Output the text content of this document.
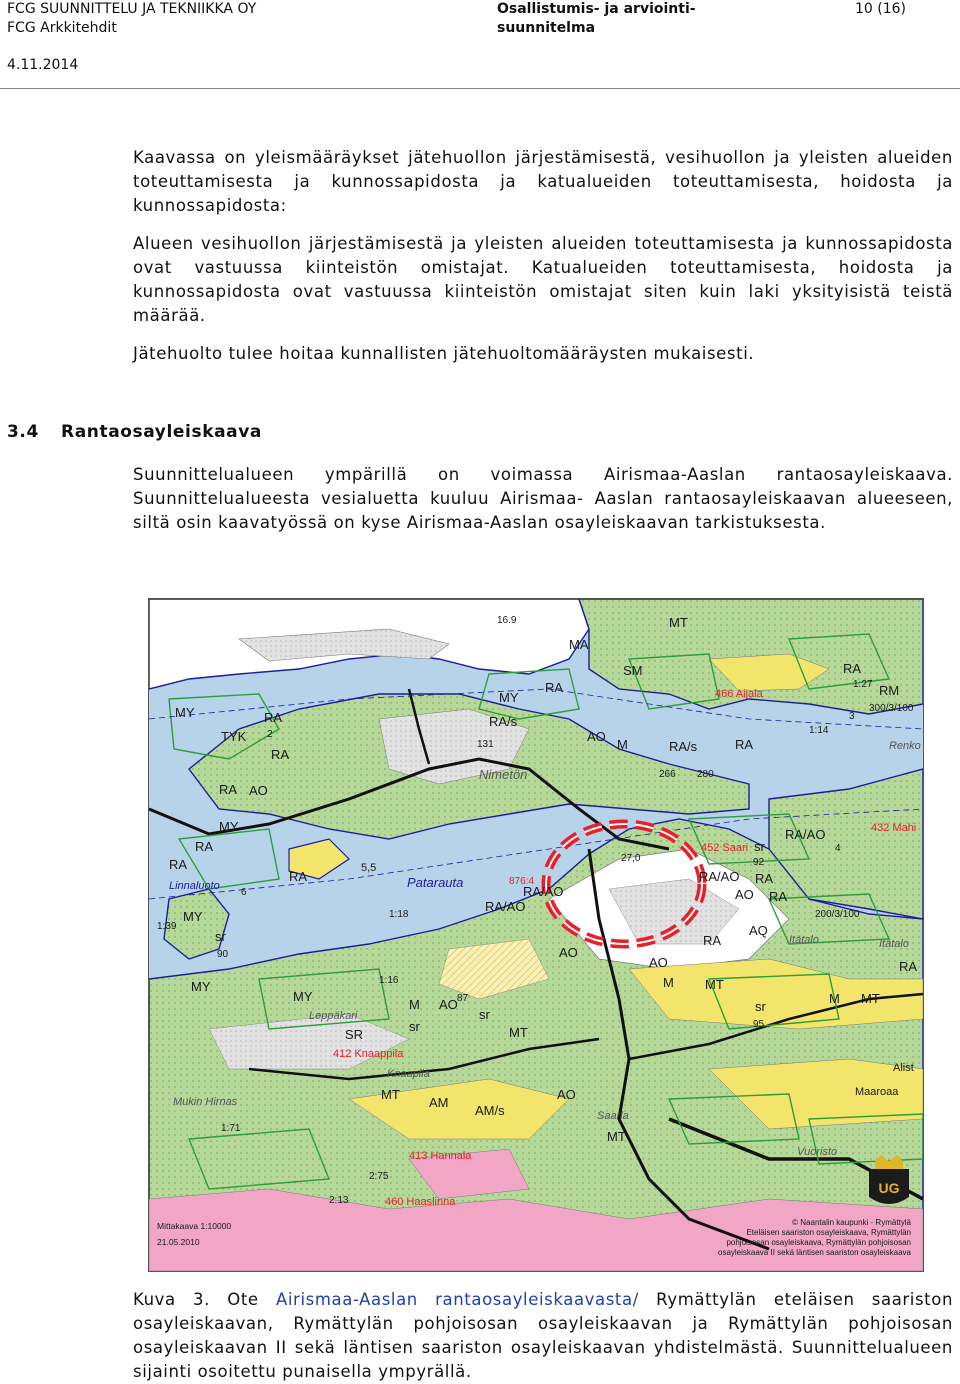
FCG SUUNNITTELU JA TEKNIIKKA OY
FCG Arkkitehdit
Osallistumis- ja arviointi-
suunnitelma
10 (16)
4.11.2014

Kaavassa on yleismääräykset jätehuollon järjestämisestä, vesihuollon ja yleisten alueiden toteuttamisesta ja kunnossapidosta ja katualueiden toteuttamisesta, hoidosta ja kunnossapidosta:

Alueen vesihuollon järjestämisestä ja yleisten alueiden toteuttamisesta ja kunnossapidosta ovat vastuussa kiinteistön omistajat. Katualueiden toteuttamisesta, hoidosta ja kunnossapidosta ovat vastuussa kiinteistön omistajat siten kuin laki yksityisistä teistä määrää.

Jätehuolto tulee hoitaa kunnallisten jätehuoltomääräysten mukaisesti.

3.4 Rantaosayleiskaava

Suunnittelualueen ympärillä on voimassa Airismaa-Aaslan rantaosayleiskaava. Suunnittelualueesta vesialuetta kuuluu Airismaa- Aaslan rantaosayleiskaavan alueeseen, siltä osin kaavatyössä on kyse Airismaa-Aaslan osayleiskaavan tarkistuksesta.

MA
MT
SM
RA	466 Aijala
MY
RA	RA/s
AO
M	RA/s	RA
TYK
RA
MY
131
266 280
2
RA AO
MY
RA
RA
RA
MY
sr
90
MY
Nimetön
Patarauta
Linnaluoto
Leppäkari
RA/AO
RA/AO
RA/AO
RA/AO
452 Saari sr
92
RA
AO RA
AQ
RA
AO
AO
RA
M MT
M MT
sr
95
27,0
876:4
5,5
4
3
6
200/3/100
300/3/100
432 Mahi
Renko
RA
RM
Itätalo	Itätalo
sr
AO
M
SR
sr
MY	87
MT
MT
412 Knaappila
Knaapila
AM
AM/s
AO
Saarla
MT
413 Hannala
460 Haaslinna
Mukin Hirnas
Vuoristo
Alist
Maaroaa
1:71
1:39
1:18
1:14
1:27
1:16
2:75
2:13
16.9
Mittakaava 1:10000
21.05.2010
© Naantalin kaupunki - Rymättylä
Eteläisen saariston osayleiskaava, Rymättylän
pohjoisosan osayleiskaava, Rymättylän pohjoisosan
osayleiskaava II sekä läntisen saariston osayleiskaava
UG
Kuva 3. Ote Airismaa-Aaslan rantaosayleiskaavasta/ Rymättylän eteläisen saariston osayleiskaavan, Rymättylän pohjoisosan osayleiskaavan ja Rymättylän pohjoisosan osayleiskaavan II sekä läntisen saariston osayleiskaavan yhdistelmästä. Suunnittelualueen sijainti osoitettu punaisella ympyrällä.
